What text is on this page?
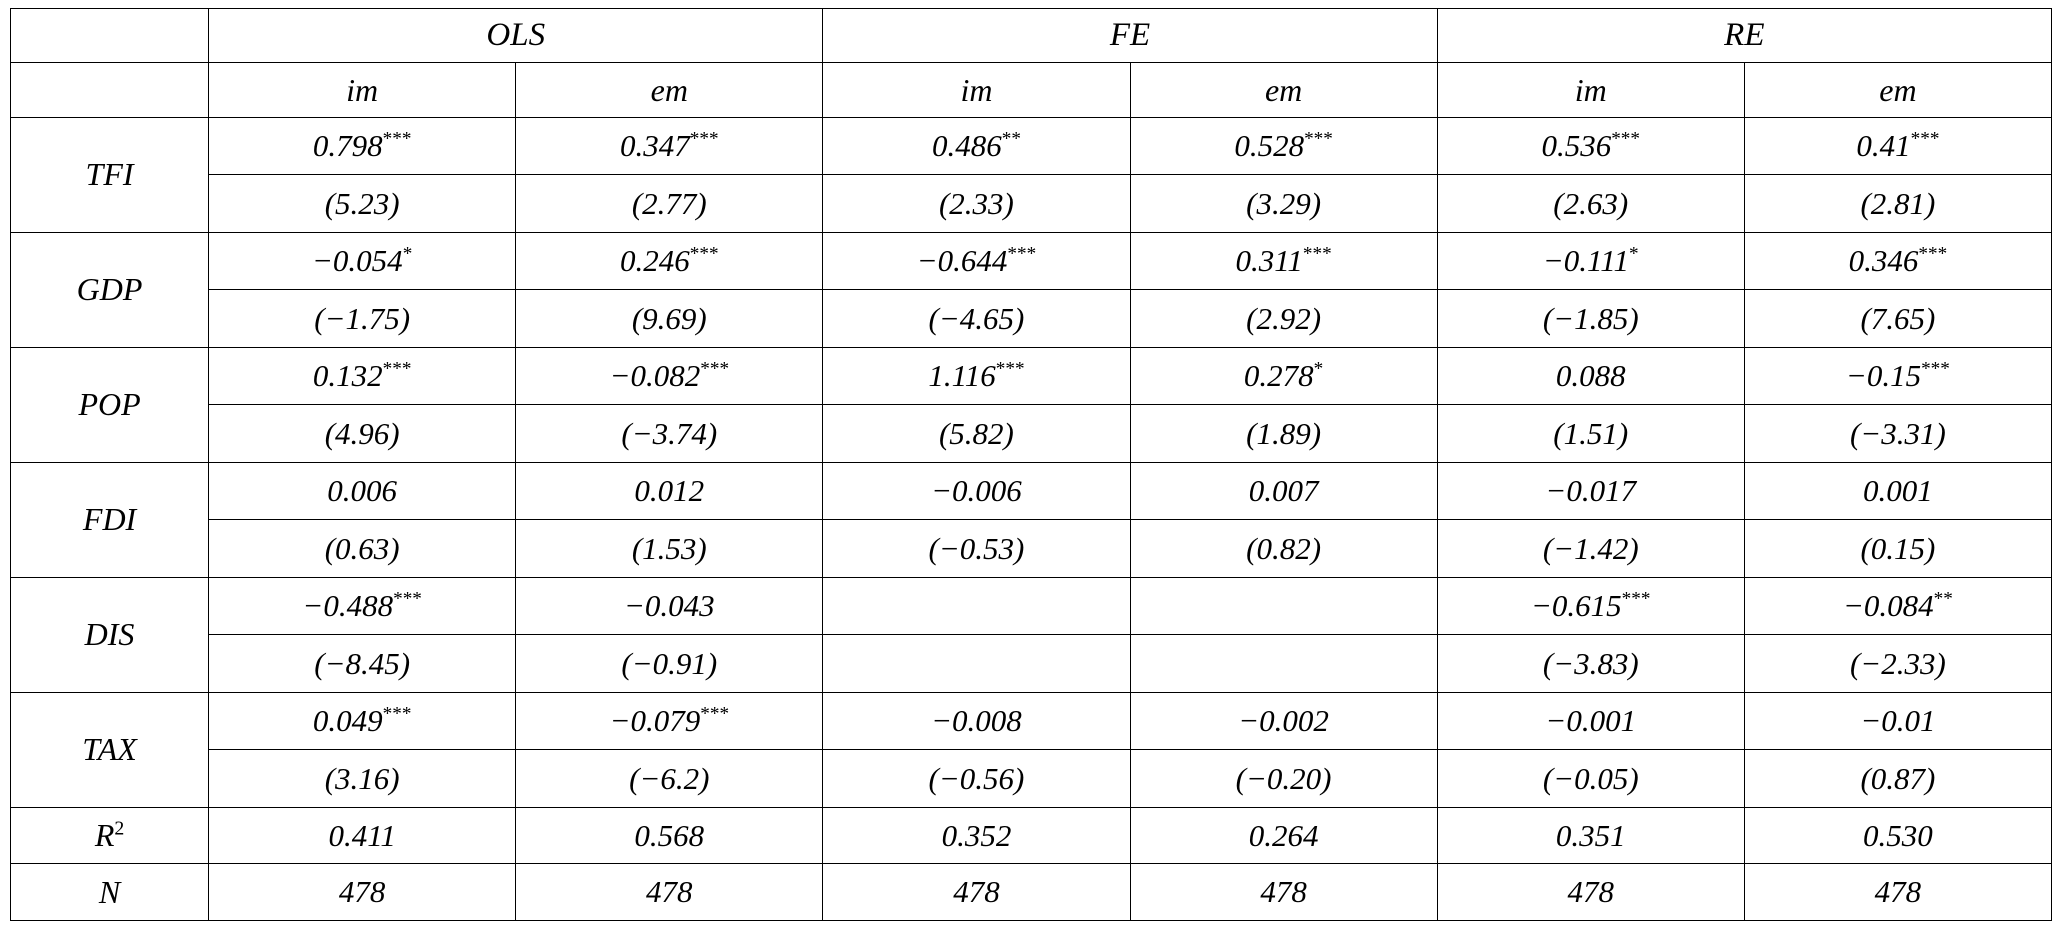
	OLS		FE		RE	
	im	em	im	em	im	em
TFI	0.798***	0.347***	0.486**	0.528***	0.536***	0.41***
	(5.23)	(2.77)	(2.33)	(3.29)	(2.63)	(2.81)
GDP	−0.054*	0.246***	−0.644***	0.311***	−0.111*	0.346***
	(−1.75)	(9.69)	(−4.65)	(2.92)	(−1.85)	(7.65)
POP	0.132***	−0.082***	1.116***	0.278*	0.088	−0.15***
	(4.96)	(−3.74)	(5.82)	(1.89)	(1.51)	(−3.31)
FDI	0.006	0.012	−0.006	0.007	−0.017	0.001
	(0.63)	(1.53)	(−0.53)	(0.82)	(−1.42)	(0.15)
DIS	−0.488***	−0.043			−0.615***	−0.084**
	(−8.45)	(−0.91)			(−3.83)	(−2.33)
TAX	0.049***	−0.079***	−0.008	−0.002	−0.001	−0.01
	(3.16)	(−6.2)	(−0.56)	(−0.20)	(−0.05)	(0.87)
$R^2$	0.411	0.568	0.352	0.264	0.351	0.530
N	478	478	478	478	478	478
